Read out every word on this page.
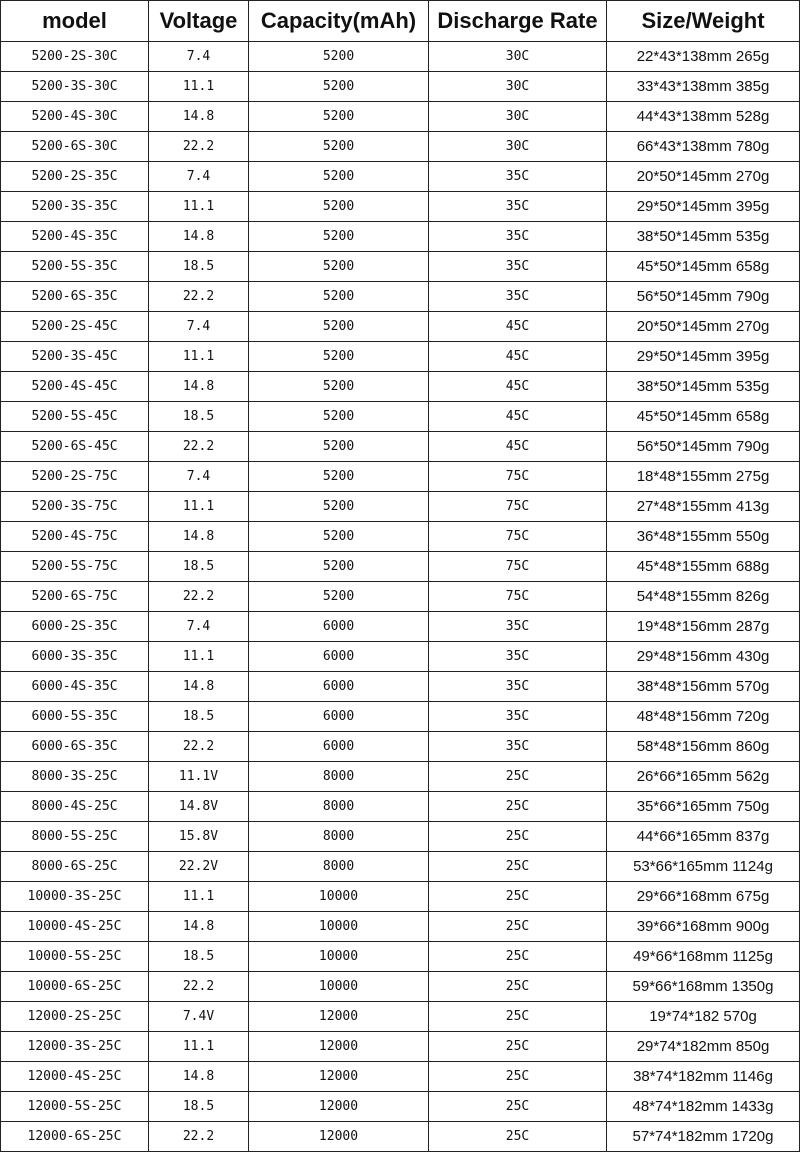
model	Voltage	Capacity(mAh)	Discharge Rate	Size/Weight
5200-2S-30C	7.4	5200	30C	22*43*138mm 265g
5200-3S-30C	11.1	5200	30C	33*43*138mm 385g
5200-4S-30C	14.8	5200	30C	44*43*138mm 528g
5200-6S-30C	22.2	5200	30C	66*43*138mm 780g
5200-2S-35C	7.4	5200	35C	20*50*145mm 270g
5200-3S-35C	11.1	5200	35C	29*50*145mm 395g
5200-4S-35C	14.8	5200	35C	38*50*145mm 535g
5200-5S-35C	18.5	5200	35C	45*50*145mm 658g
5200-6S-35C	22.2	5200	35C	56*50*145mm 790g
5200-2S-45C	7.4	5200	45C	20*50*145mm 270g
5200-3S-45C	11.1	5200	45C	29*50*145mm 395g
5200-4S-45C	14.8	5200	45C	38*50*145mm 535g
5200-5S-45C	18.5	5200	45C	45*50*145mm 658g
5200-6S-45C	22.2	5200	45C	56*50*145mm 790g
5200-2S-75C	7.4	5200	75C	18*48*155mm 275g
5200-3S-75C	11.1	5200	75C	27*48*155mm 413g
5200-4S-75C	14.8	5200	75C	36*48*155mm 550g
5200-5S-75C	18.5	5200	75C	45*48*155mm 688g
5200-6S-75C	22.2	5200	75C	54*48*155mm 826g
6000-2S-35C	7.4	6000	35C	19*48*156mm 287g
6000-3S-35C	11.1	6000	35C	29*48*156mm 430g
6000-4S-35C	14.8	6000	35C	38*48*156mm 570g
6000-5S-35C	18.5	6000	35C	48*48*156mm 720g
6000-6S-35C	22.2	6000	35C	58*48*156mm 860g
8000-3S-25C	11.1V	8000	25C	26*66*165mm 562g
8000-4S-25C	14.8V	8000	25C	35*66*165mm 750g
8000-5S-25C	15.8V	8000	25C	44*66*165mm 837g
8000-6S-25C	22.2V	8000	25C	53*66*165mm 1124g
10000-3S-25C	11.1	10000	25C	29*66*168mm 675g
10000-4S-25C	14.8	10000	25C	39*66*168mm 900g
10000-5S-25C	18.5	10000	25C	49*66*168mm 1125g
10000-6S-25C	22.2	10000	25C	59*66*168mm 1350g
12000-2S-25C	7.4V	12000	25C	19*74*182 570g
12000-3S-25C	11.1	12000	25C	29*74*182mm 850g
12000-4S-25C	14.8	12000	25C	38*74*182mm 1146g
12000-5S-25C	18.5	12000	25C	48*74*182mm 1433g
12000-6S-25C	22.2	12000	25C	57*74*182mm 1720g
